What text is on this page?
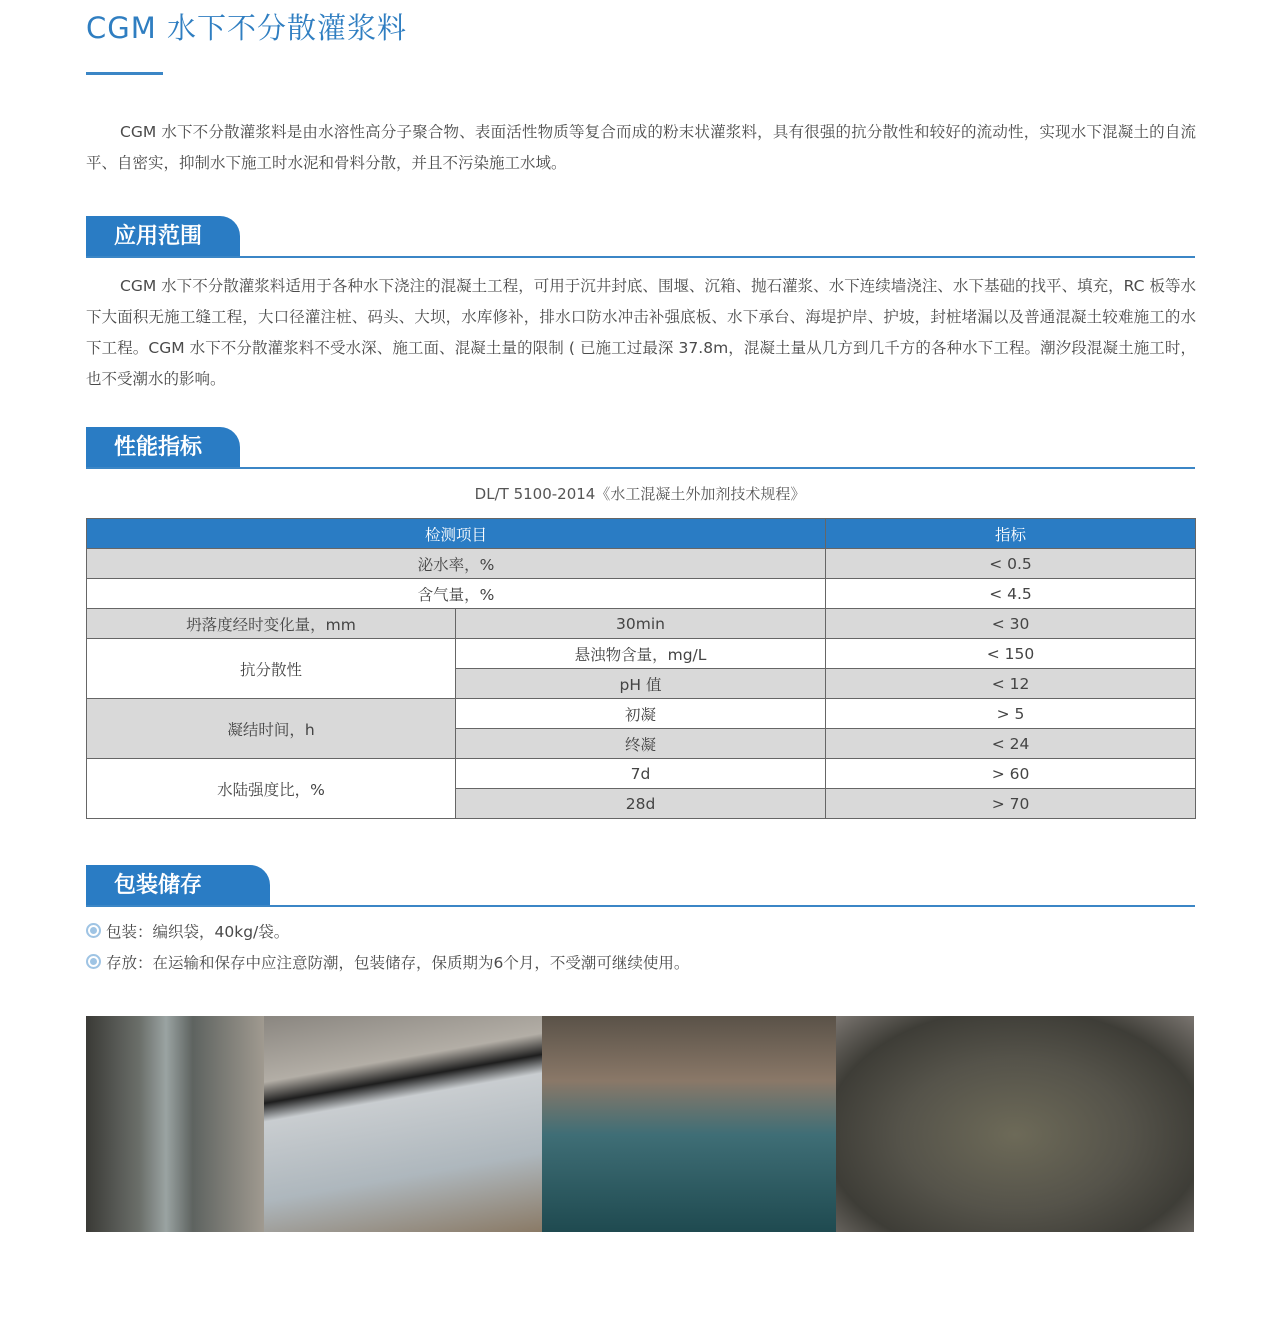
CGM 水下不分散灌浆料
CGM 水下不分散灌浆料是由水溶性高分子聚合物、表面活性物质等复合而成的粉末状灌浆料，具有很强的抗分散性和较好的流动性，实现水下混凝土的自流平、自密实，抑制水下施工时水泥和骨料分散，并且不污染施工水域。
应用范围
CGM 水下不分散灌浆料适用于各种水下浇注的混凝土工程，可用于沉井封底、围堰、沉箱、抛石灌浆、水下连续墙浇注、水下基础的找平、填充，RC 板等水下大面积无施工缝工程，大口径灌注桩、码头、大坝，水库修补，排水口防水冲击补强底板、水下承台、海堤护岸、护坡，封桩堵漏以及普通混凝土较难施工的水下工程。CGM 水下不分散灌浆料不受水深、施工面、混凝土量的限制 ( 已施工过最深 37.8m，混凝土量从几方到几千方的各种水下工程。潮汐段混凝土施工时，也不受潮水的影响。
性能指标
DL/T 5100-2014《水工混凝土外加剂技术规程》
检测项目		指标
泌水率，%		< 0.5
含气量，%		< 4.5
坍落度经时变化量，mm	30min	< 30
抗分散性	悬浊物含量，mg/L	< 150
	pH 值	< 12
凝结时间，h	初凝	> 5
	终凝	< 24
水陆强度比，%	7d	> 60
	28d	> 70
包装储存
包装：编织袋，40kg/袋。
存放：在运输和保存中应注意防潮，包装储存，保质期为6个月，不受潮可继续使用。
